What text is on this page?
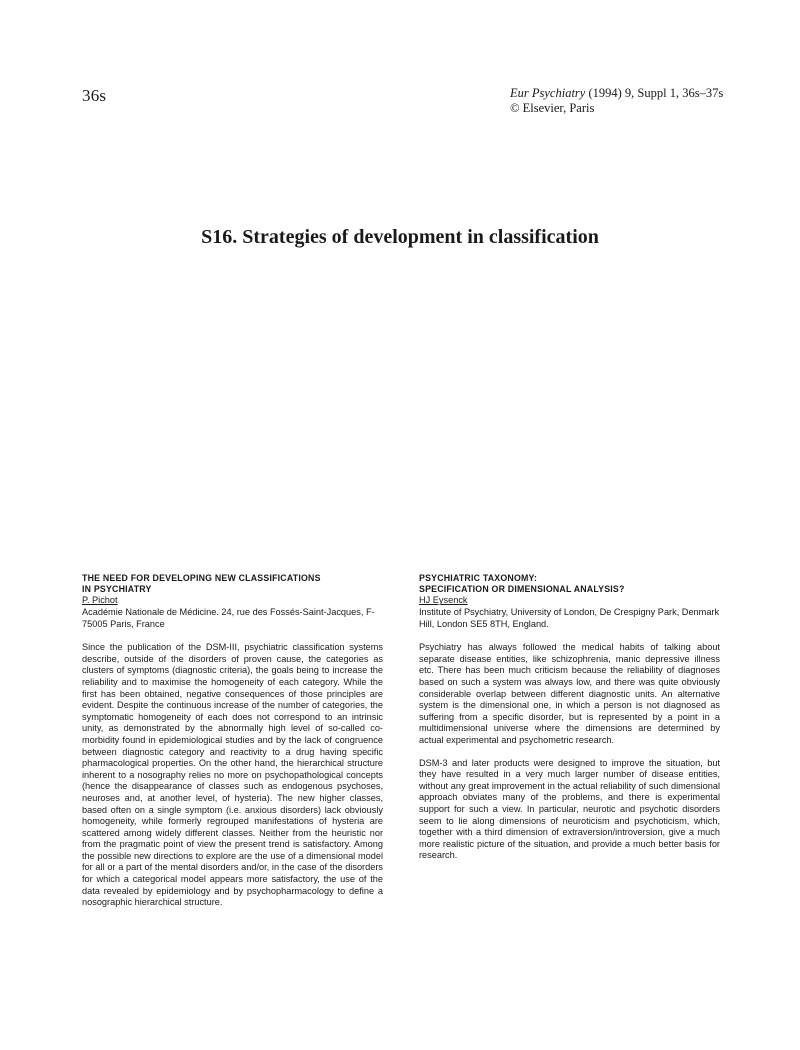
36s	Eur Psychiatry (1994) 9, Suppl 1, 36s–37s
© Elsevier, Paris
S16. Strategies of development in classification
THE NEED FOR DEVELOPING NEW CLASSIFICATIONS
IN PSYCHIATRY
P. Pichot
Académie Nationale de Médicine. 24, rue des Fossés-Saint-Jacques, F-75005 Paris, France

Since the publication of the DSM-III, psychiatric classification systems describe, outside of the disorders of proven cause, the categories as clusters of symptoms (diagnostic criteria), the goals being to increase the reliability and to maximise the homogeneity of each category. While the first has been obtained, negative consequences of those principles are evident. Despite the continuous increase of the number of categories, the symptomatic homogeneity of each does not correspond to an intrinsic unity, as demonstrated by the abnormally high level of so-called co-morbidity found in epidemiological studies and by the lack of congruence between diagnostic category and reactivity to a drug having specific pharmacological properties. On the other hand, the hierarchical structure inherent to a nosography relies no more on psychopathological concepts (hence the disappearance of classes such as endogenous psychoses, neuroses and, at another level, of hysteria). The new higher classes, based often on a single symptom (i.e. anxious disorders) lack obviously homogeneity, while formerly regrouped manifestations of hysteria are scattered among widely different classes. Neither from the heuristic nor from the pragmatic point of view the present trend is satisfactory. Among the possible new directions to explore are the use of a dimensional model for all or a part of the mental disorders and/or, in the case of the disorders for which a categorical model appears more satisfactory, the use of the data revealed by epidemiology and by psychopharmacology to define a nosographic hierarchical structure.

PSYCHIATRIC TAXONOMY:
SPECIFICATION OR DIMENSIONAL ANALYSIS?
HJ Eysenck
Institute of Psychiatry, University of London, De Crespigny Park, Denmark Hill, London SE5 8TH, England.

Psychiatry has always followed the medical habits of talking about separate disease entities, like schizophrenia, manic depressive illness etc. There has been much criticism because the reliability of diagnoses based on such a system was always low, and there was quite obviously considerable overlap between different diagnostic units. An alternative system is the dimensional one, in which a person is not diagnosed as suffering from a specific disorder, but is represented by a point in a multidimensional universe where the dimensions are determined by actual experimental and psychometric research.

DSM-3 and later products were designed to improve the situation, but they have resulted in a very much larger number of disease entities, without any great improvement in the actual reliability of such dimensional approach obviates many of the problems, and there is experimental support for such a view. In particular, neurotic and psychotic disorders seem to lie along dimensions of neuroticism and psychoticism, which, together with a third dimension of extraversion/introversion, give a much more realistic picture of the situation, and provide a much better basis for research.
